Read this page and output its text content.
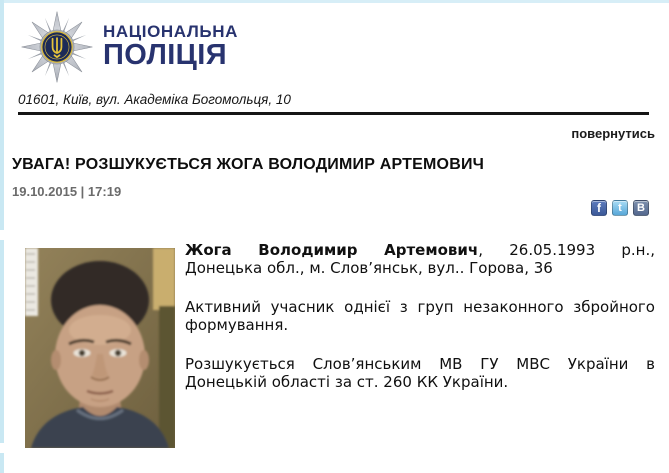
НАЦІОНАЛЬНА
ПОЛІЦІЯ
01601, Київ, вул. Академіка Богомольця, 10
повернутись
УВАГА! РОЗШУКУЄТЬСЯ ЖОГА ВОЛОДИМИР АРТЕМОВИЧ
19.10.2015 | 17:19
f t B

Жога Володимир Артемович, 26.05.1993 р.н.,
Донецька обл., м. Слов’янськ, вул.. Горова, 36

Активний учасник однієї з груп незаконного збройного
формування.

Розшукується Слов’янським МВ ГУ МВС України в
Донецькій області за ст. 260 КК України.
